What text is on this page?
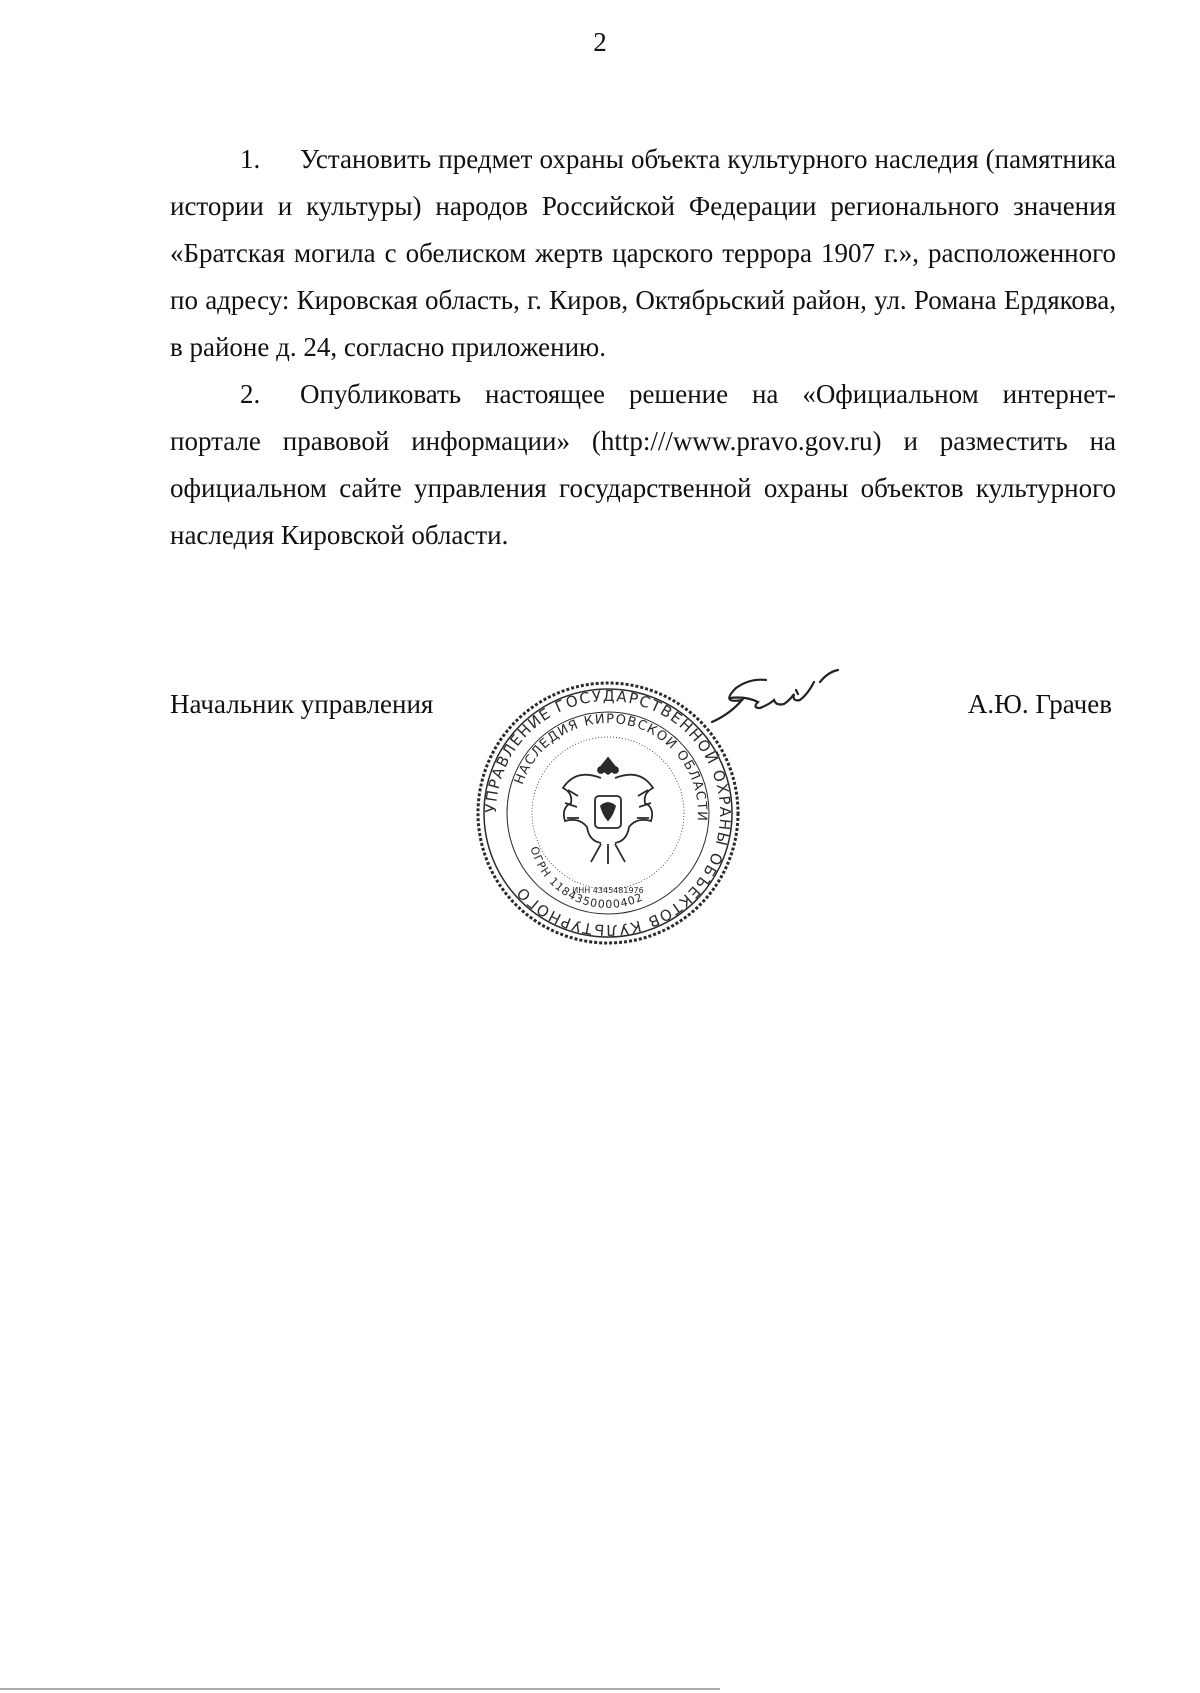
2

1. Установить предмет охраны объекта культурного наследия (памятника истории и культуры) народов Российской Федерации регионального значения «Братская могила с обелиском жертв царского террора 1907 г.», расположенного по адресу: Кировская область, г. Киров, Октябрьский район, ул. Романа Ердякова, в районе д. 24, согласно приложению.

2. Опубликовать настоящее решение на «Официальном интернет-портале правовой информации» (http:///www.pravo.gov.ru) и разместить на официальном сайте управления государственной охраны объектов культурного наследия Кировской области.

Начальник управления
УПРАВЛЕНИЕ ГОСУДАРСТВЕННОЙ ОХРАНЫ ОБЪЕКТОВ КУЛЬТУРНОГО
НАСЛЕДИЯ КИРОВСКОЙ ОБЛАСТИ
ОГРН 1184350000402
ИНН 4345481976
А.Ю. Грачев
